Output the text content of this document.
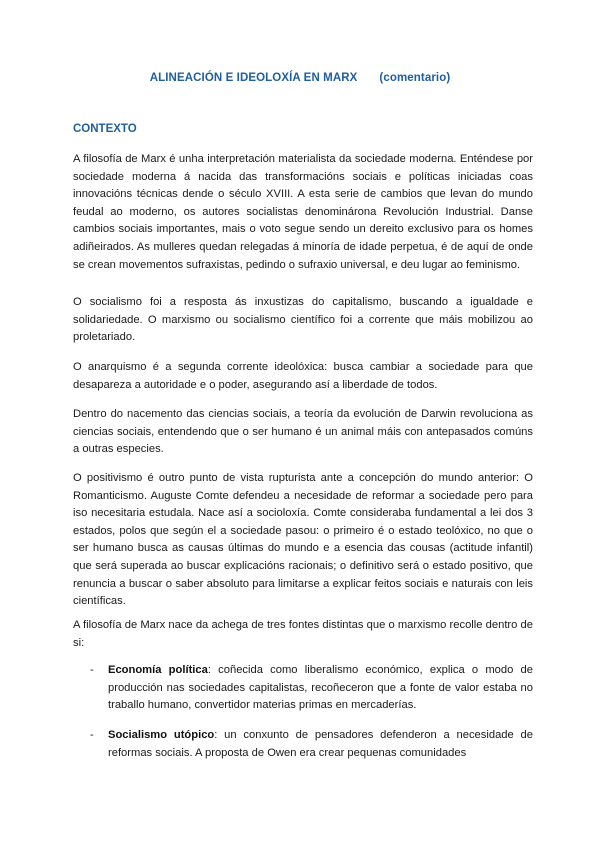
ALINEACIÓN E IDEOLOXÍA EN MARX (comentario)
CONTEXTO

A filosofía de Marx é unha interpretación materialista da sociedade moderna. Enténdese por sociedade moderna á nacida das transformacións sociais e políticas iniciadas coas innovacións técnicas dende o século XVIII. A esta serie de cambios que levan do mundo feudal ao moderno, os autores socialistas denominárona Revolución Industrial. Danse cambios sociais importantes, mais o voto segue sendo un dereito exclusivo para os homes adiñeirados. As mulleres quedan relegadas á minoría de idade perpetua, é de aquí de onde se crean movementos sufraxistas, pedindo o sufraxio universal, e deu lugar ao feminismo.

O socialismo foi a resposta ás inxustizas do capitalismo, buscando a igualdade e solidariedade. O marxismo ou socialismo científico foi a corrente que máis mobilizou ao proletariado.

O anarquismo é a segunda corrente ideolóxica: busca cambiar a sociedade para que desapareza a autoridade e o poder, asegurando así a liberdade de todos.

Dentro do nacemento das ciencias sociais, a teoría da evolución de Darwin revoluciona as ciencias sociais, entendendo que o ser humano é un animal máis con antepasados comúns a outras especies.

O positivismo é outro punto de vista rupturista ante a concepción do mundo anterior: O Romanticismo. Auguste Comte defendeu a necesidade de reformar a sociedade pero para iso necesitaria estudala. Nace así a socioloxía. Comte consideraba fundamental a lei dos 3 estados, polos que según el a sociedade pasou: o primeiro é o estado teolóxico, no que o ser humano busca as causas últimas do mundo e a esencia das cousas (actitude infantil) que será superada ao buscar explicacións racionais; o definitivo será o estado positivo, que renuncia a buscar o saber absoluto para limitarse a explicar feitos sociais e naturais con leis científicas.

A filosofía de Marx nace da achega de tres fontes distintas que o marxismo recolle dentro de si:

- Economía política: coñecida como liberalismo económico, explica o modo de producción nas sociedades capitalistas, recoñeceron que a fonte de valor estaba no traballo humano, convertidor materias primas en mercaderías.
- Socialismo utópico: un conxunto de pensadores defenderon a necesidade de reformas sociais. A proposta de Owen era crear pequenas comunidades
